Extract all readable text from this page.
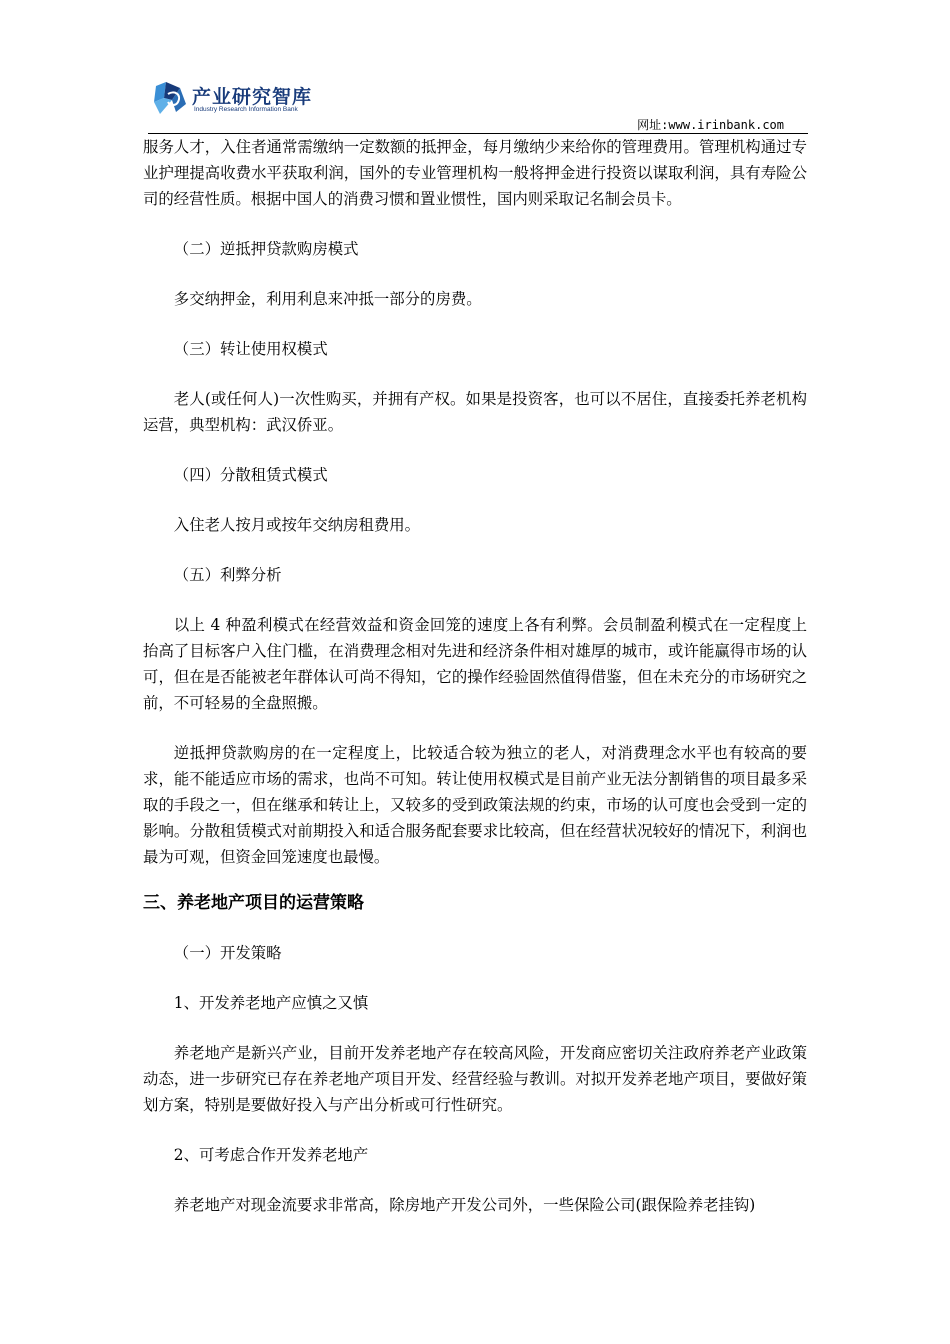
产业研究智库
Industry Research Information Bank
网址:www.irinbank.com

服务人才，入住者通常需缴纳一定数额的抵押金，每月缴纳少来给你的管理费用。管理机构通过专业护理提高收费水平获取利润，国外的专业管理机构一般将押金进行投资以谋取利润，具有寿险公司的经营性质。根据中国人的消费习惯和置业惯性，国内则采取记名制会员卡。

（二）逆抵押贷款购房模式

多交纳押金，利用利息来冲抵一部分的房费。

（三）转让使用权模式

老人(或任何人)一次性购买，并拥有产权。如果是投资客，也可以不居住，直接委托养老机构运营，典型机构：武汉侨亚。

（四）分散租赁式模式

入住老人按月或按年交纳房租费用。

（五）利弊分析

以上 4 种盈利模式在经营效益和资金回笼的速度上各有利弊。会员制盈利模式在一定程度上抬高了目标客户入住门槛，在消费理念相对先进和经济条件相对雄厚的城市，或许能赢得市场的认可，但在是否能被老年群体认可尚不得知，它的操作经验固然值得借鉴，但在未充分的市场研究之前，不可轻易的全盘照搬。

逆抵押贷款购房的在一定程度上，比较适合较为独立的老人，对消费理念水平也有较高的要求，能不能适应市场的需求，也尚不可知。转让使用权模式是目前产业无法分割销售的项目最多采取的手段之一，但在继承和转让上，又较多的受到政策法规的约束，市场的认可度也会受到一定的影响。分散租赁模式对前期投入和适合服务配套要求比较高，但在经营状况较好的情况下，利润也最为可观，但资金回笼速度也最慢。

三、养老地产项目的运营策略

（一）开发策略

1、开发养老地产应慎之又慎

养老地产是新兴产业，目前开发养老地产存在较高风险，开发商应密切关注政府养老产业政策动态，进一步研究已存在养老地产项目开发、经营经验与教训。对拟开发养老地产项目，要做好策划方案，特别是要做好投入与产出分析或可行性研究。

2、可考虑合作开发养老地产

养老地产对现金流要求非常高，除房地产开发公司外，一些保险公司(跟保险养老挂钩)
